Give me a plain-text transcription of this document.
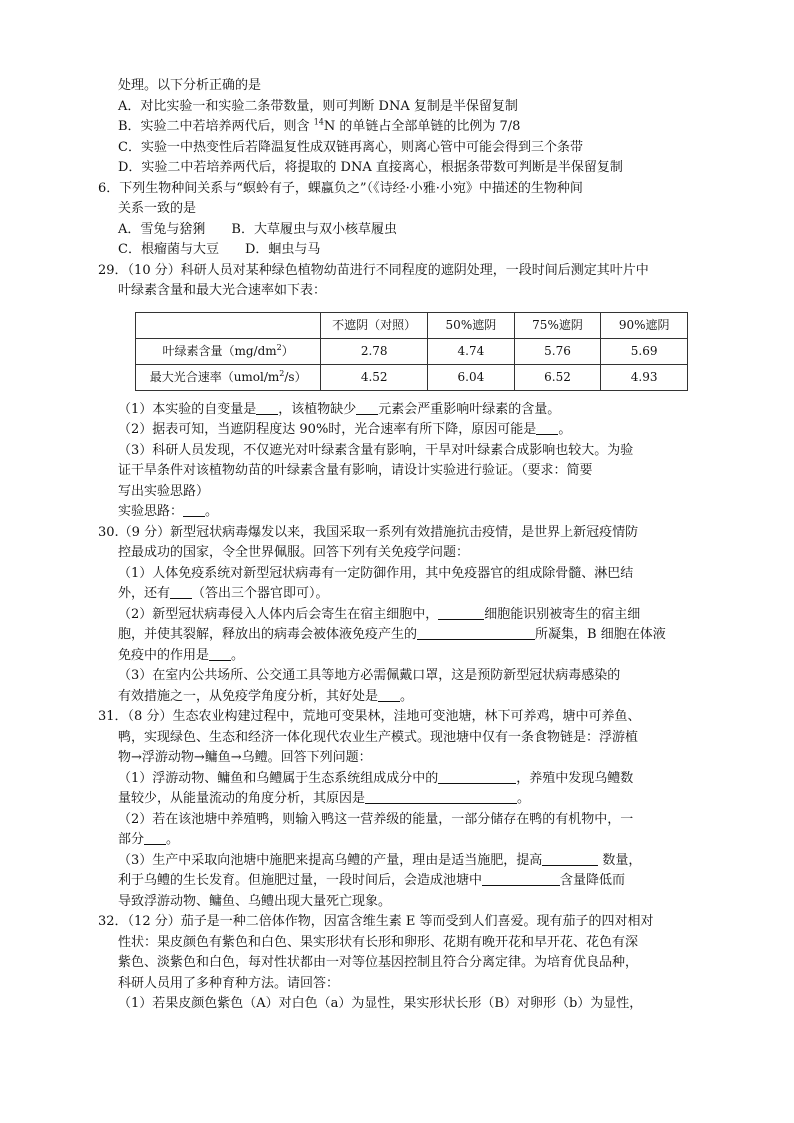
处理。以下分析正确的是
A．对比实验一和实验二条带数量，则可判断 DNA 复制是半保留复制
B．实验二中若培养两代后，则含 $^{14}$N 的单链占全部单链的比例为 7/8
C．实验一中热变性后若降温复性成双链再离心，则离心管中可能会得到三个条带
D．实验二中若培养两代后，将提取的 DNA 直接离心，根据条带数可判断是半保留复制
6．下列生物种间关系与“螟蛉有子，蜾蠃负之”（《诗经·小雅·小宛》中描述的生物种间
关系一致的是
A．雪兔与猞猁　　B．大草履虫与双小核草履虫
C．根瘤菌与大豆　　D．蛔虫与马
29．（10 分）科研人员对某种绿色植物幼苗进行不同程度的遮阴处理，一段时间后测定其叶片中
叶绿素含量和最大光合速率如下表：
	不遮阴（对照）	50%遮阴	75%遮阴	90%遮阴
叶绿素含量$(mg/dm^2)$	2.78	4.74	5.76	5.69
最大光合速率$(umol/m^2/s)$	4.52	6.04	6.52	4.93
（1）本实验的自变量是 ，该植物缺少 元素会严重影响叶绿素的含量。
（2）据表可知，当遮阴程度达 90%时，光合速率有所下降，原因可能是 。
（3）科研人员发现，不仅遮光对叶绿素含量有影响，干旱对叶绿素合成影响也较大。为验
证干旱条件对该植物幼苗的叶绿素含量有影响，请设计实验进行验证。（要求：简要
写出实验思路）
实验思路： 。
30.（9 分）新型冠状病毒爆发以来，我国采取一系列有效措施抗击疫情，是世界上新冠疫情防
控最成功的国家，令全世界佩服。回答下列有关免疫学问题：
（1）人体免疫系统对新型冠状病毒有一定防御作用，其中免疫器官的组成除骨髓、淋巴结
外，还有 （答出三个器官即可）。
（2）新型冠状病毒侵入人体内后会寄生在宿主细胞中，	细胞能识别被寄生的宿主细
胞，并使其裂解，释放出的病毒会被体液免疫产生的	所凝集，B 细胞在体液
免疫中的作用是 。
（3）在室内公共场所、公交通工具等地方必需佩戴口罩，这是预防新型冠状病毒感染的
有效措施之一，从免疫学角度分析，其好处是 。
31．（8 分）生态农业构建过程中，荒地可变果林，洼地可变池塘，林下可养鸡，塘中可养鱼、
鸭，实现绿色、生态和经济一体化现代农业生产模式。现池塘中仅有一条食物链是：浮游植
物→浮游动物→鳙鱼→乌鳢。回答下列问题：
（1）浮游动物、鳙鱼和乌鳢属于生态系统组成成分中的	，养殖中发现乌鳢数
量较少，从能量流动的角度分析，其原因是	。
（2）若在该池塘中养殖鸭，则输入鸭这一营养级的能量，一部分储存在鸭的有机物中，一
部分 。
（3）生产中采取向池塘中施肥来提高乌鳢的产量，理由是适当施肥，提高	数量，
利于乌鳢的生长发育。但施肥过量，一段时间后，会造成池塘中	含量降低而
导致浮游动物、鳙鱼、乌鳢出现大量死亡现象。
32．（12 分）茄子是一种二倍体作物，因富含维生素 E 等而受到人们喜爱。现有茄子的四对相对
性状：果皮颜色有紫色和白色、果实形状有长形和卵形、花期有晚开花和早开花、花色有深
紫色、淡紫色和白色，每对性状都由一对等位基因控制且符合分离定律。为培育优良品种，
科研人员用了多种育种方法。请回答：
（1）若果皮颜色紫色（A）对白色（a）为显性，果实形状长形（B）对卵形（b）为显性，
